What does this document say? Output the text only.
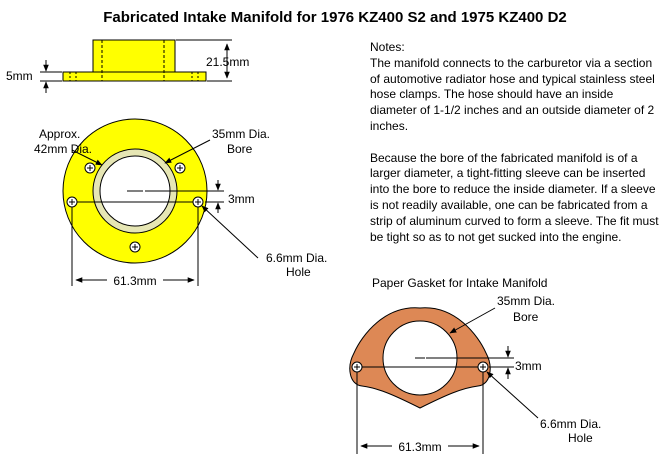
Fabricated Intake Manifold for 1976 KZ400 S2 and 1975 KZ400 D2
21.5mm
5mm
Approx.
42mm Dia.
35mm Dia.
Bore
3mm
6.6mm Dia.
Hole
61.3mm	Paper Gasket for Intake Manifold
35mm Dia.
Bore
3mm
6.6mm Dia.
Hole
61.3mm

Notes:

The manifold connects to the carburetor via a section of automotive radiator hose and typical stainless steel hose clamps. The hose should have an inside diameter of 1-1/2 inches and an outside diameter of 2 inches.

Because the bore of the fabricated manifold is of a larger diameter, a tight-fitting sleeve can be inserted into the bore to reduce the inside diameter. If a sleeve is not readily available, one can be fabricated from a strip of aluminum curved to form a sleeve. The fit must be tight so as to not get sucked into the engine.
